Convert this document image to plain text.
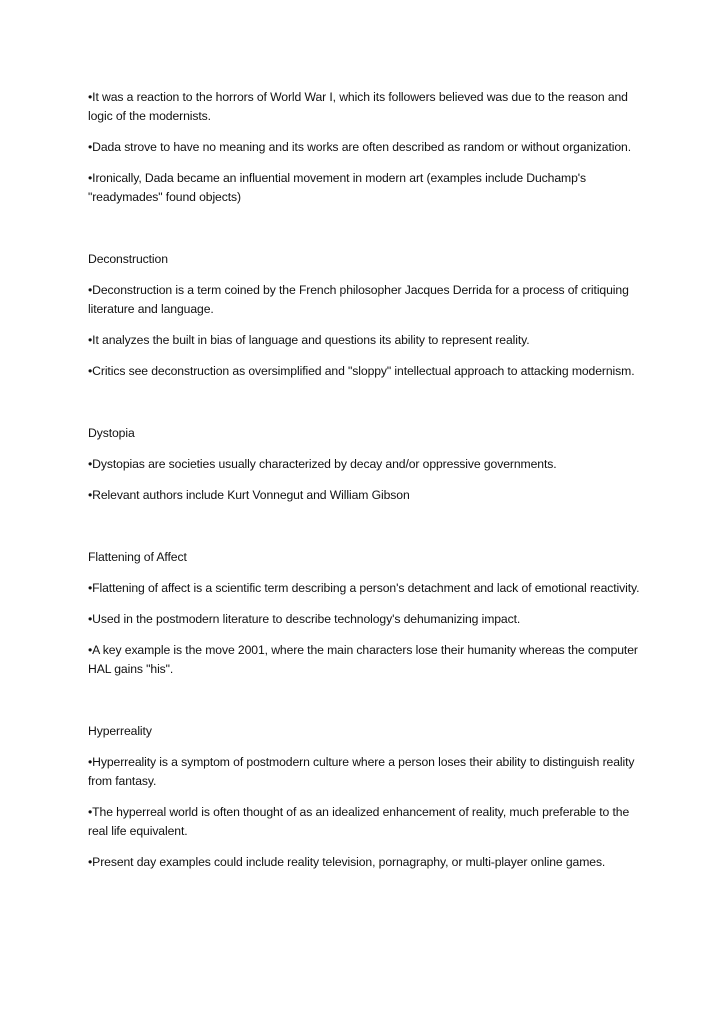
•It was a reaction to the horrors of World War I, which its followers believed was due to the reason and logic of the modernists.

•Dada strove to have no meaning and its works are often described as random or without organization.

•Ironically, Dada became an influential movement in modern art (examples include Duchamp's "readymades" found objects)

Deconstruction

•Deconstruction is a term coined by the French philosopher Jacques Derrida for a process of critiquing literature and language.

•It analyzes the built in bias of language and questions its ability to represent reality.

•Critics see deconstruction as oversimplified and "sloppy" intellectual approach to attacking modernism.

Dystopia

•Dystopias are societies usually characterized by decay and/or oppressive governments.

•Relevant authors include Kurt Vonnegut and William Gibson

Flattening of Affect

•Flattening of affect is a scientific term describing a person's detachment and lack of emotional reactivity.

•Used in the postmodern literature to describe technology's dehumanizing impact.

•A key example is the move 2001, where the main characters lose their humanity whereas the computer HAL gains "his".

Hyperreality

•Hyperreality is a symptom of postmodern culture where a person loses their ability to distinguish reality from fantasy.

•The hyperreal world is often thought of as an idealized enhancement of reality, much preferable to the real life equivalent.

•Present day examples could include reality television, pornagraphy, or multi-player online games.
